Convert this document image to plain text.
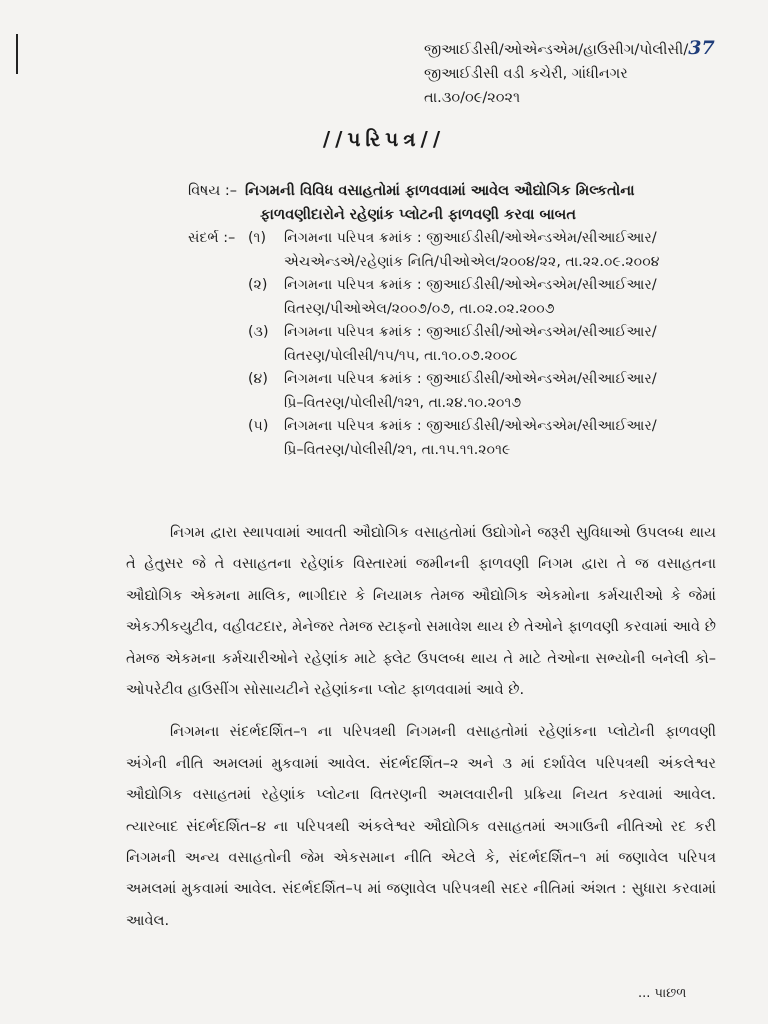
જીઆઈડીસી/ઓએન્ડએમ/હાઉસીગ/પોલીસી/37
જીઆઈડીસી વડી કચેરી, ગાંધીનગર
તા.૩૦/૦૯/૨૦૨૧
//પરિપત્ર//
વિષય :– નિગમની વિવિધ વસાહતોમાં ફાળવવામાં આવેલ ઔદ્યોગિક મિલ્કતોના
ફાળવણીદારોને રહેણાંક પ્લોટની ફાળવણી કરવા બાબત
સંદર્ભ :– (૧)	નિગમના પરિપત્ર ક્રમાંક : જીઆઈડીસી/ઓએન્ડએમ/સીઆઈઆર/
એચએન્ડએ/રહેણાંક નિતિ/પીઓએલ/૨૦૦૪/૨૨, તા.૨૨.૦૯.૨૦૦૪
(૨)	નિગમના પરિપત્ર ક્રમાંક : જીઆઈડીસી/ઓએન્ડએમ/સીઆઈઆર/
વિતરણ/પીઓએલ/૨૦૦૭/૦૭, તા.૦૨.૦૨.૨૦૦૭
(૩)	નિગમના પરિપત્ર ક્રમાંક : જીઆઈડીસી/ઓએન્ડએમ/સીઆઈઆર/
વિતરણ/પોલીસી/૧૫/૧૫, તા.૧૦.૦૭.૨૦૦૮
(૪)	નિગમના પરિપત્ર ક્રમાંક : જીઆઈડીસી/ઓએન્ડએમ/સીઆઈઆર/
પ્રિ–વિતરણ/પોલીસી/૧૨૧, તા.૨૪.૧૦.૨૦૧૭
(૫)	નિગમના પરિપત્ર ક્રમાંક : જીઆઈડીસી/ઓએન્ડએમ/સીઆઈઆર/
પ્રિ–વિતરણ/પોલીસી/૨૧, તા.૧૫.૧૧.૨૦૧૯

નિગમ દ્વારા સ્થાપવામાં આવતી ઔદ્યોગિક વસાહતોમાં ઉદ્યોગોને જરૂરી સુવિધાઓ ઉપલબ્ધ થાય તે હેતુસર જે તે વસાહતના રહેણાંક વિસ્તારમાં જમીનની ફાળવણી નિગમ દ્વારા તે જ વસાહતના ઔદ્યોગિક એકમના માલિક, ભાગીદાર કે નિયામક તેમજ ઔદ્યોગિક એકમોના કર્મચારીઓ કે જેમાં એકઝીકયુટીવ, વહીવટદાર, મેનેજર તેમજ સ્ટાફનો સમાવેશ થાય છે તેઓને ફાળવણી કરવામાં આવે છે તેમજ એકમના કર્મચારીઓને રહેણાંક માટે ફ્લેટ ઉપલબ્ધ થાય તે માટે તેઓના સભ્યોની બનેલી કો–ઓપરેટીવ હાઉસીંગ સોસાયટીને રહેણાંકના પ્લોટ ફાળવવામાં આવે છે.

નિગમના સંદર્ભદર્શિત–૧ ના પરિપત્રથી નિગમની વસાહતોમાં રહેણાંકના પ્લોટોની ફાળવણી અંગેની નીતિ અમલમાં મુકવામાં આવેલ. સંદર્ભદર્શિત–૨ અને ૩ માં દર્શાવેલ પરિપત્રથી અંકલેશ્વર ઔદ્યોગિક વસાહતમાં રહેણાંક પ્લોટના વિતરણની અમલવારીની પ્રક્રિયા નિયત કરવામાં આવેલ. ત્યારબાદ સંદર્ભદર્શિત–૪ ના પરિપત્રથી અંકલેશ્વર ઔદ્યોગિક વસાહતમાં અગાઉની નીતિઓ રદ કરી નિગમની અન્ય વસાહતોની જેમ એકસમાન નીતિ એટલે કે, સંદર્ભદર્શિત–૧ માં જણાવેલ પરિપત્ર અમલમાં મુકવામાં આવેલ. સંદર્ભદર્શિત–૫ માં જણાવેલ પરિપત્રથી સદર નીતિમાં અંશત : સુધારા કરવામાં આવેલ.

... પાછળ
